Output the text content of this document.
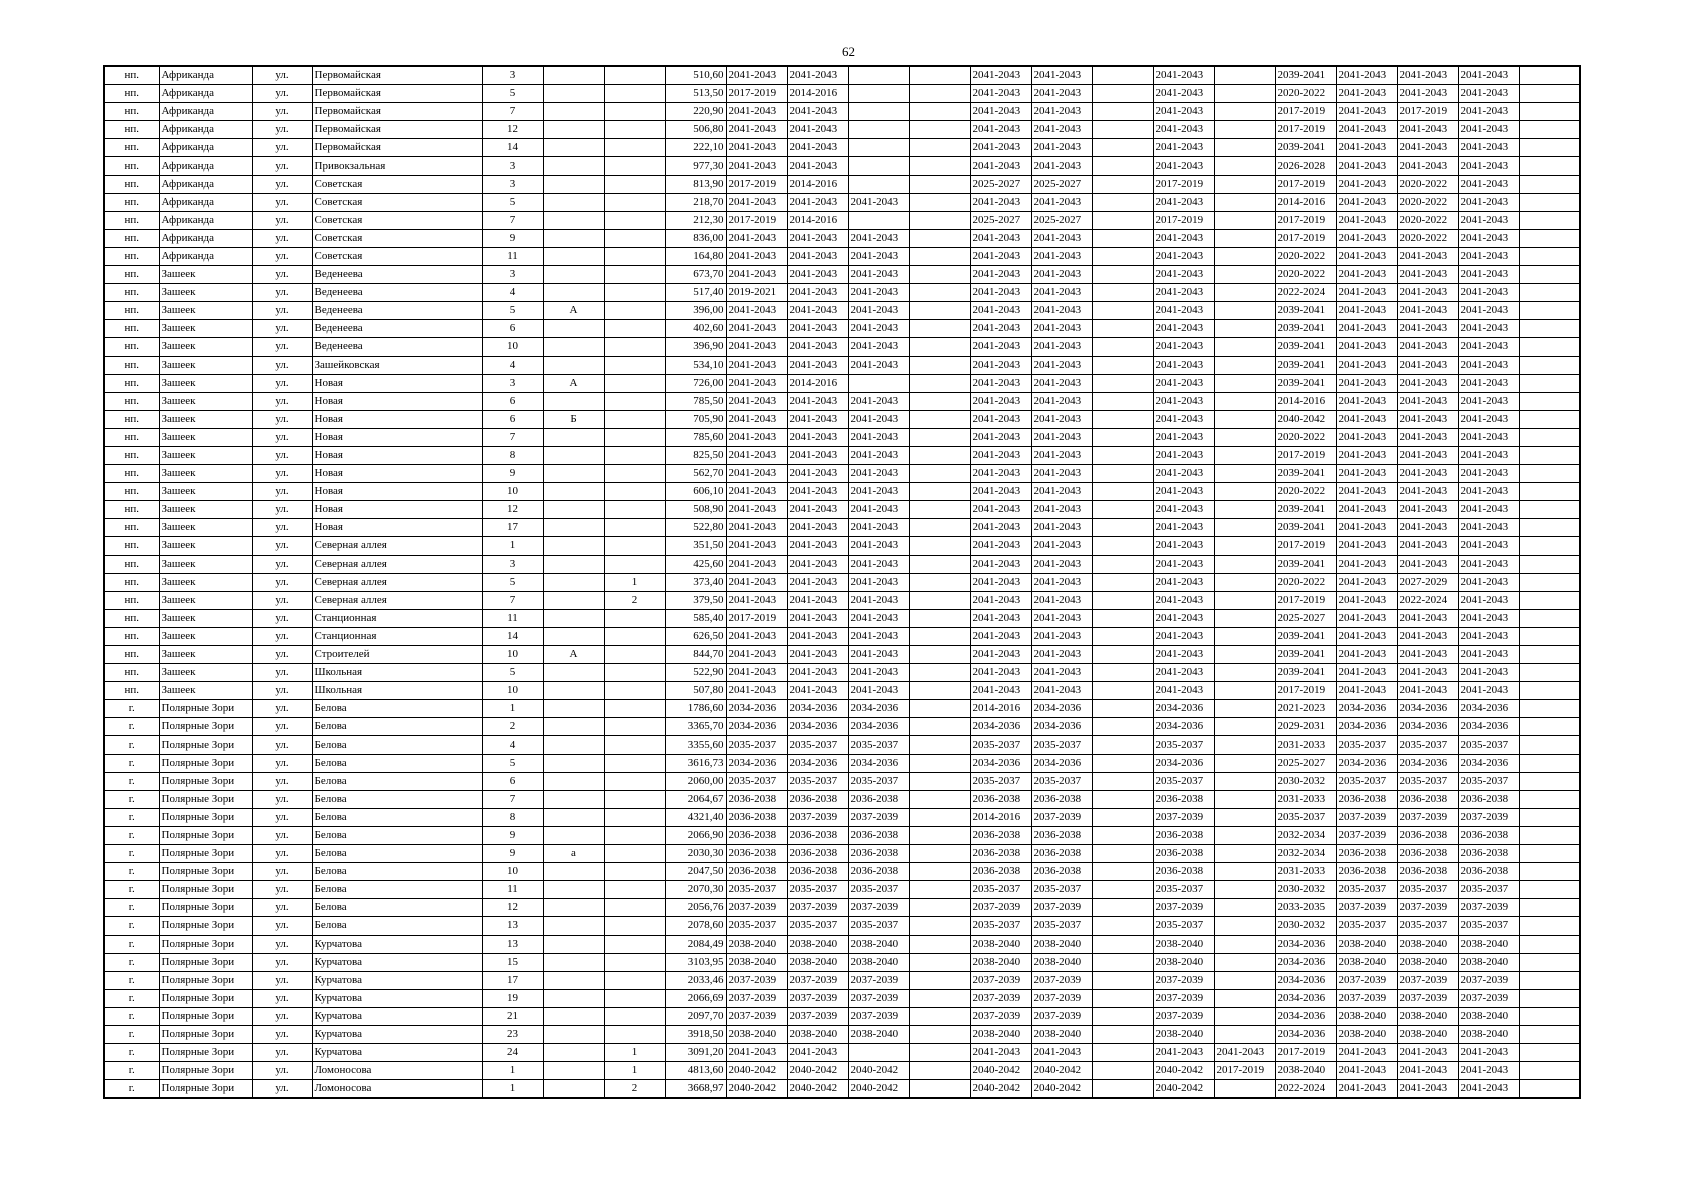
62
нп.	Африканда	ул.	Первомайская	3			510,60	2041-2043	2041-2043			2041-2043	2041-2043		2041-2043		2039-2041	2041-2043	2041-2043	2041-2043	
нп.	Африканда	ул.	Первомайская	5			513,50	2017-2019	2014-2016			2041-2043	2041-2043		2041-2043		2020-2022	2041-2043	2041-2043	2041-2043	
нп.	Африканда	ул.	Первомайская	7			220,90	2041-2043	2041-2043			2041-2043	2041-2043		2041-2043		2017-2019	2041-2043	2017-2019	2041-2043	
нп.	Африканда	ул.	Первомайская	12			506,80	2041-2043	2041-2043			2041-2043	2041-2043		2041-2043		2017-2019	2041-2043	2041-2043	2041-2043	
нп.	Африканда	ул.	Первомайская	14			222,10	2041-2043	2041-2043			2041-2043	2041-2043		2041-2043		2039-2041	2041-2043	2041-2043	2041-2043	
нп.	Африканда	ул.	Привокзальная	3			977,30	2041-2043	2041-2043			2041-2043	2041-2043		2041-2043		2026-2028	2041-2043	2041-2043	2041-2043	
нп.	Африканда	ул.	Советская	3			813,90	2017-2019	2014-2016			2025-2027	2025-2027		2017-2019		2017-2019	2041-2043	2020-2022	2041-2043	
нп.	Африканда	ул.	Советская	5			218,70	2041-2043	2041-2043	2041-2043		2041-2043	2041-2043		2041-2043		2014-2016	2041-2043	2020-2022	2041-2043	
нп.	Африканда	ул.	Советская	7			212,30	2017-2019	2014-2016			2025-2027	2025-2027		2017-2019		2017-2019	2041-2043	2020-2022	2041-2043	
нп.	Африканда	ул.	Советская	9			836,00	2041-2043	2041-2043	2041-2043		2041-2043	2041-2043		2041-2043		2017-2019	2041-2043	2020-2022	2041-2043	
нп.	Африканда	ул.	Советская	11			164,80	2041-2043	2041-2043	2041-2043		2041-2043	2041-2043		2041-2043		2020-2022	2041-2043	2041-2043	2041-2043	
нп.	Зашеек	ул.	Веденеева	3			673,70	2041-2043	2041-2043	2041-2043		2041-2043	2041-2043		2041-2043		2020-2022	2041-2043	2041-2043	2041-2043	
нп.	Зашеек	ул.	Веденеева	4			517,40	2019-2021	2041-2043	2041-2043		2041-2043	2041-2043		2041-2043		2022-2024	2041-2043	2041-2043	2041-2043	
нп.	Зашеек	ул.	Веденеева	5	А		396,00	2041-2043	2041-2043	2041-2043		2041-2043	2041-2043		2041-2043		2039-2041	2041-2043	2041-2043	2041-2043	
нп.	Зашеек	ул.	Веденеева	6			402,60	2041-2043	2041-2043	2041-2043		2041-2043	2041-2043		2041-2043		2039-2041	2041-2043	2041-2043	2041-2043	
нп.	Зашеек	ул.	Веденеева	10			396,90	2041-2043	2041-2043	2041-2043		2041-2043	2041-2043		2041-2043		2039-2041	2041-2043	2041-2043	2041-2043	
нп.	Зашеек	ул.	Зашейковская	4			534,10	2041-2043	2041-2043	2041-2043		2041-2043	2041-2043		2041-2043		2039-2041	2041-2043	2041-2043	2041-2043	
нп.	Зашеек	ул.	Новая	3	А		726,00	2041-2043	2014-2016			2041-2043	2041-2043		2041-2043		2039-2041	2041-2043	2041-2043	2041-2043	
нп.	Зашеек	ул.	Новая	6			785,50	2041-2043	2041-2043	2041-2043		2041-2043	2041-2043		2041-2043		2014-2016	2041-2043	2041-2043	2041-2043	
нп.	Зашеек	ул.	Новая	6	Б		705,90	2041-2043	2041-2043	2041-2043		2041-2043	2041-2043		2041-2043		2040-2042	2041-2043	2041-2043	2041-2043	
нп.	Зашеек	ул.	Новая	7			785,60	2041-2043	2041-2043	2041-2043		2041-2043	2041-2043		2041-2043		2020-2022	2041-2043	2041-2043	2041-2043	
нп.	Зашеек	ул.	Новая	8			825,50	2041-2043	2041-2043	2041-2043		2041-2043	2041-2043		2041-2043		2017-2019	2041-2043	2041-2043	2041-2043	
нп.	Зашеек	ул.	Новая	9			562,70	2041-2043	2041-2043	2041-2043		2041-2043	2041-2043		2041-2043		2039-2041	2041-2043	2041-2043	2041-2043	
нп.	Зашеек	ул.	Новая	10			606,10	2041-2043	2041-2043	2041-2043		2041-2043	2041-2043		2041-2043		2020-2022	2041-2043	2041-2043	2041-2043	
нп.	Зашеек	ул.	Новая	12			508,90	2041-2043	2041-2043	2041-2043		2041-2043	2041-2043		2041-2043		2039-2041	2041-2043	2041-2043	2041-2043	
нп.	Зашеек	ул.	Новая	17			522,80	2041-2043	2041-2043	2041-2043		2041-2043	2041-2043		2041-2043		2039-2041	2041-2043	2041-2043	2041-2043	
нп.	Зашеек	ул.	Северная аллея	1			351,50	2041-2043	2041-2043	2041-2043		2041-2043	2041-2043		2041-2043		2017-2019	2041-2043	2041-2043	2041-2043	
нп.	Зашеек	ул.	Северная аллея	3			425,60	2041-2043	2041-2043	2041-2043		2041-2043	2041-2043		2041-2043		2039-2041	2041-2043	2041-2043	2041-2043	
нп.	Зашеек	ул.	Северная аллея	5		1	373,40	2041-2043	2041-2043	2041-2043		2041-2043	2041-2043		2041-2043		2020-2022	2041-2043	2027-2029	2041-2043	
нп.	Зашеек	ул.	Северная аллея	7		2	379,50	2041-2043	2041-2043	2041-2043		2041-2043	2041-2043		2041-2043		2017-2019	2041-2043	2022-2024	2041-2043	
нп.	Зашеек	ул.	Станционная	11			585,40	2017-2019	2041-2043	2041-2043		2041-2043	2041-2043		2041-2043		2025-2027	2041-2043	2041-2043	2041-2043	
нп.	Зашеек	ул.	Станционная	14			626,50	2041-2043	2041-2043	2041-2043		2041-2043	2041-2043		2041-2043		2039-2041	2041-2043	2041-2043	2041-2043	
нп.	Зашеек	ул.	Строителей	10	А		844,70	2041-2043	2041-2043	2041-2043		2041-2043	2041-2043		2041-2043		2039-2041	2041-2043	2041-2043	2041-2043	
нп.	Зашеек	ул.	Школьная	5			522,90	2041-2043	2041-2043	2041-2043		2041-2043	2041-2043		2041-2043		2039-2041	2041-2043	2041-2043	2041-2043	
нп.	Зашеек	ул.	Школьная	10			507,80	2041-2043	2041-2043	2041-2043		2041-2043	2041-2043		2041-2043		2017-2019	2041-2043	2041-2043	2041-2043	
г.	Полярные Зори	ул.	Белова	1			1786,60	2034-2036	2034-2036	2034-2036		2014-2016	2034-2036		2034-2036		2021-2023	2034-2036	2034-2036	2034-2036	
г.	Полярные Зори	ул.	Белова	2			3365,70	2034-2036	2034-2036	2034-2036		2034-2036	2034-2036		2034-2036		2029-2031	2034-2036	2034-2036	2034-2036	
г.	Полярные Зори	ул.	Белова	4			3355,60	2035-2037	2035-2037	2035-2037		2035-2037	2035-2037		2035-2037		2031-2033	2035-2037	2035-2037	2035-2037	
г.	Полярные Зори	ул.	Белова	5			3616,73	2034-2036	2034-2036	2034-2036		2034-2036	2034-2036		2034-2036		2025-2027	2034-2036	2034-2036	2034-2036	
г.	Полярные Зори	ул.	Белова	6			2060,00	2035-2037	2035-2037	2035-2037		2035-2037	2035-2037		2035-2037		2030-2032	2035-2037	2035-2037	2035-2037	
г.	Полярные Зори	ул.	Белова	7			2064,67	2036-2038	2036-2038	2036-2038		2036-2038	2036-2038		2036-2038		2031-2033	2036-2038	2036-2038	2036-2038	
г.	Полярные Зори	ул.	Белова	8			4321,40	2036-2038	2037-2039	2037-2039		2014-2016	2037-2039		2037-2039		2035-2037	2037-2039	2037-2039	2037-2039	
г.	Полярные Зори	ул.	Белова	9			2066,90	2036-2038	2036-2038	2036-2038		2036-2038	2036-2038		2036-2038		2032-2034	2037-2039	2036-2038	2036-2038	
г.	Полярные Зори	ул.	Белова	9	а		2030,30	2036-2038	2036-2038	2036-2038		2036-2038	2036-2038		2036-2038		2032-2034	2036-2038	2036-2038	2036-2038	
г.	Полярные Зори	ул.	Белова	10			2047,50	2036-2038	2036-2038	2036-2038		2036-2038	2036-2038		2036-2038		2031-2033	2036-2038	2036-2038	2036-2038	
г.	Полярные Зори	ул.	Белова	11			2070,30	2035-2037	2035-2037	2035-2037		2035-2037	2035-2037		2035-2037		2030-2032	2035-2037	2035-2037	2035-2037	
г.	Полярные Зори	ул.	Белова	12			2056,76	2037-2039	2037-2039	2037-2039		2037-2039	2037-2039		2037-2039		2033-2035	2037-2039	2037-2039	2037-2039	
г.	Полярные Зори	ул.	Белова	13			2078,60	2035-2037	2035-2037	2035-2037		2035-2037	2035-2037		2035-2037		2030-2032	2035-2037	2035-2037	2035-2037	
г.	Полярные Зори	ул.	Курчатова	13			2084,49	2038-2040	2038-2040	2038-2040		2038-2040	2038-2040		2038-2040		2034-2036	2038-2040	2038-2040	2038-2040	
г.	Полярные Зори	ул.	Курчатова	15			3103,95	2038-2040	2038-2040	2038-2040		2038-2040	2038-2040		2038-2040		2034-2036	2038-2040	2038-2040	2038-2040	
г.	Полярные Зори	ул.	Курчатова	17			2033,46	2037-2039	2037-2039	2037-2039		2037-2039	2037-2039		2037-2039		2034-2036	2037-2039	2037-2039	2037-2039	
г.	Полярные Зори	ул.	Курчатова	19			2066,69	2037-2039	2037-2039	2037-2039		2037-2039	2037-2039		2037-2039		2034-2036	2037-2039	2037-2039	2037-2039	
г.	Полярные Зори	ул.	Курчатова	21			2097,70	2037-2039	2037-2039	2037-2039		2037-2039	2037-2039		2037-2039		2034-2036	2038-2040	2038-2040	2038-2040	
г.	Полярные Зори	ул.	Курчатова	23			3918,50	2038-2040	2038-2040	2038-2040		2038-2040	2038-2040		2038-2040		2034-2036	2038-2040	2038-2040	2038-2040	
г.	Полярные Зори	ул.	Курчатова	24		1	3091,20	2041-2043	2041-2043			2041-2043	2041-2043		2041-2043	2041-2043	2017-2019	2041-2043	2041-2043	2041-2043	
г.	Полярные Зори	ул.	Ломоносова	1		1	4813,60	2040-2042	2040-2042	2040-2042		2040-2042	2040-2042		2040-2042	2017-2019	2038-2040	2041-2043	2041-2043	2041-2043	
г.	Полярные Зори	ул.	Ломоносова	1		2	3668,97	2040-2042	2040-2042	2040-2042		2040-2042	2040-2042		2040-2042		2022-2024	2041-2043	2041-2043	2041-2043	
